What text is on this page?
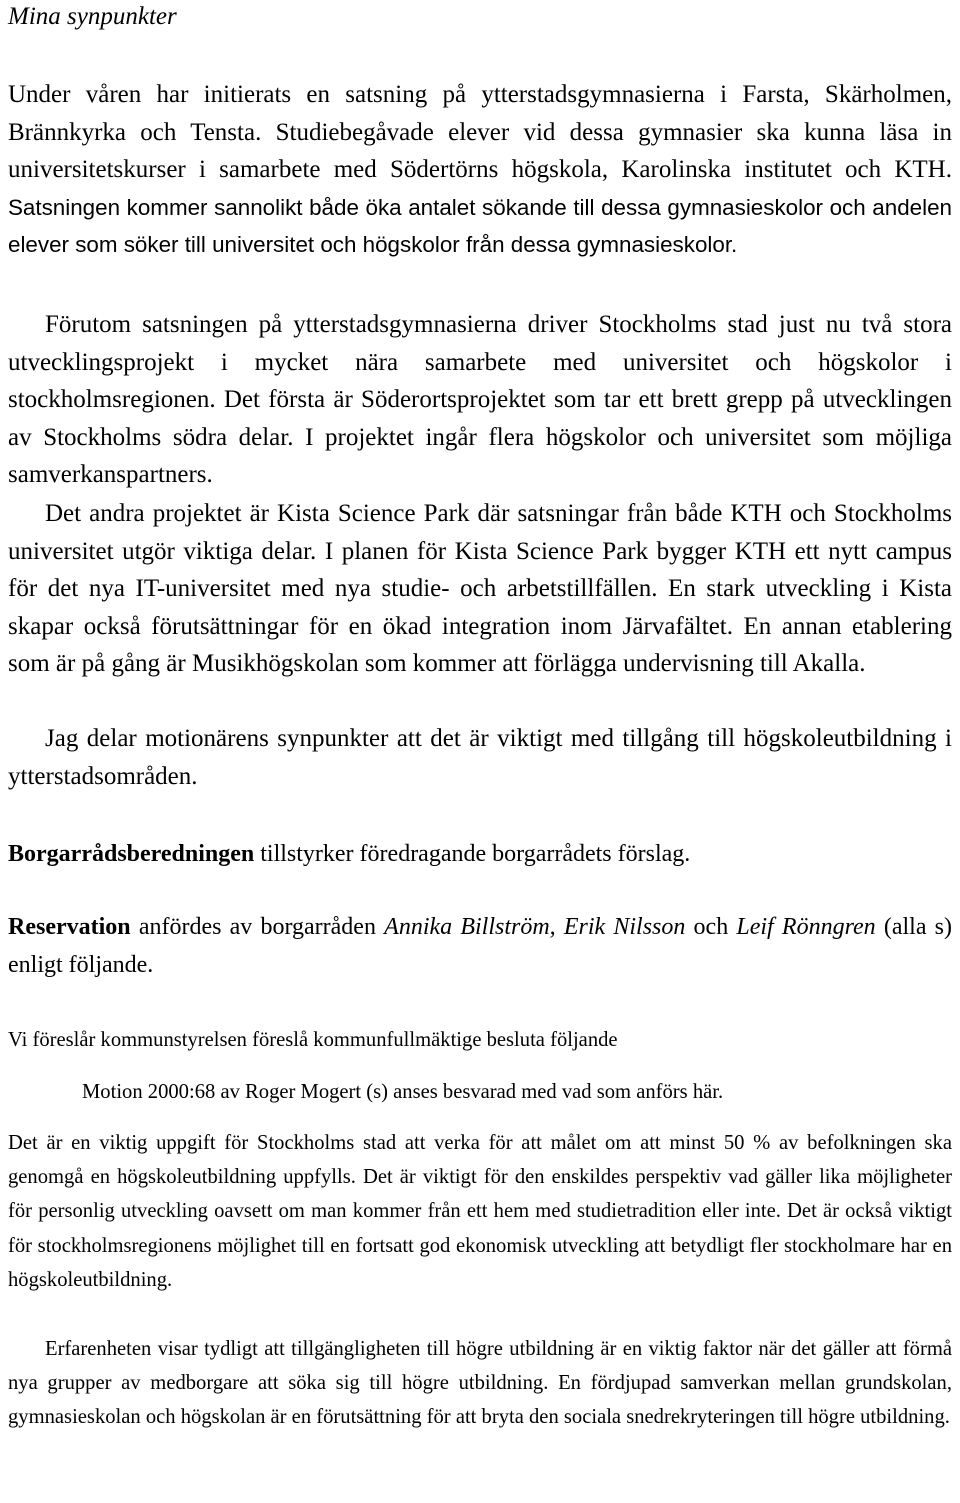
Mina synpunkter

Under våren har initierats en satsning på ytterstadsgymnasierna i Farsta, Skärholmen, Brännkyrka och Tensta. Studiebegåvade elever vid dessa gymnasier ska kunna läsa in universitetskurser i samarbete med Södertörns högskola, Karolinska institutet och KTH. Satsningen kommer sannolikt både öka antalet sökande till dessa gymnasieskolor och andelen elever som söker till universitet och högskolor från dessa gymnasieskolor.

Förutom satsningen på ytterstadsgymnasierna driver Stockholms stad just nu två stora utvecklingsprojekt i mycket nära samarbete med universitet och högskolor i stockholmsregionen. Det första är Söderortsprojektet som tar ett brett grepp på utvecklingen av Stockholms södra delar. I projektet ingår flera högskolor och universitet som möjliga samverkanspartners.

Det andra projektet är Kista Science Park där satsningar från både KTH och Stockholms universitet utgör viktiga delar. I planen för Kista Science Park bygger KTH ett nytt campus för det nya IT-universitet med nya studie- och arbetstillfällen. En stark utveckling i Kista skapar också förutsättningar för en ökad integration inom Järvafältet. En annan etablering som är på gång är Musikhögskolan som kommer att förlägga undervisning till Akalla.

Jag delar motionärens synpunkter att det är viktigt med tillgång till högskoleutbildning i ytterstadsområden.

Borgarrådsberedningen tillstyrker föredragande borgarrådets förslag.

Reservation anfördes av borgarråden Annika Billström, Erik Nilsson och Leif Rönngren (alla s) enligt följande.

Vi föreslår kommunstyrelsen föreslå kommunfullmäktige besluta följande

Motion 2000:68 av Roger Mogert (s) anses besvarad med vad som anförs här.

Det är en viktig uppgift för Stockholms stad att verka för att målet om att minst 50 % av befolkningen ska genomgå en högskoleutbildning uppfylls. Det är viktigt för den enskildes perspektiv vad gäller lika möjligheter för personlig utveckling oavsett om man kommer från ett hem med studietradition eller inte. Det är också viktigt för stockholmsregionens möjlighet till en fortsatt god ekonomisk utveckling att betydligt fler stockholmare har en högskoleutbildning.

Erfarenheten visar tydligt att tillgängligheten till högre utbildning är en viktig faktor när det gäller att förmå nya grupper av medborgare att söka sig till högre utbildning. En fördjupad samverkan mellan grundskolan, gymnasieskolan och högskolan är en förutsättning för att bryta den sociala snedrekryteringen till högre utbildning.
